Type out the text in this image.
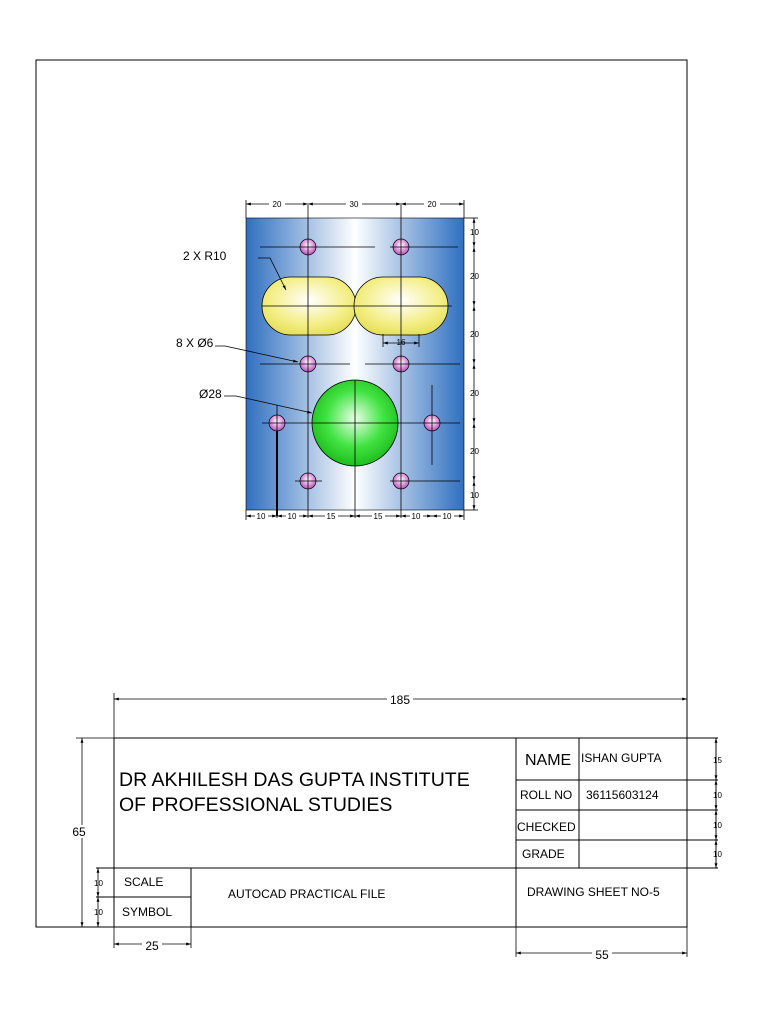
20	30	20
10
20
20
20
20
10
10	10	15	15	10	10
16
2 X R10
8 X Ø6
Ø28
185
65
15
10
10
10
10
10
25
55
DR AKHILESH DAS GUPTA INSTITUTE
OF PROFESSIONAL STUDIES
NAME ISHAN GUPTA
ROLL NO 36115603124
CHECKED
GRADE
SCALE
SYMBOL
AUTOCAD PRACTICAL FILE	DRAWING SHEET NO-5
